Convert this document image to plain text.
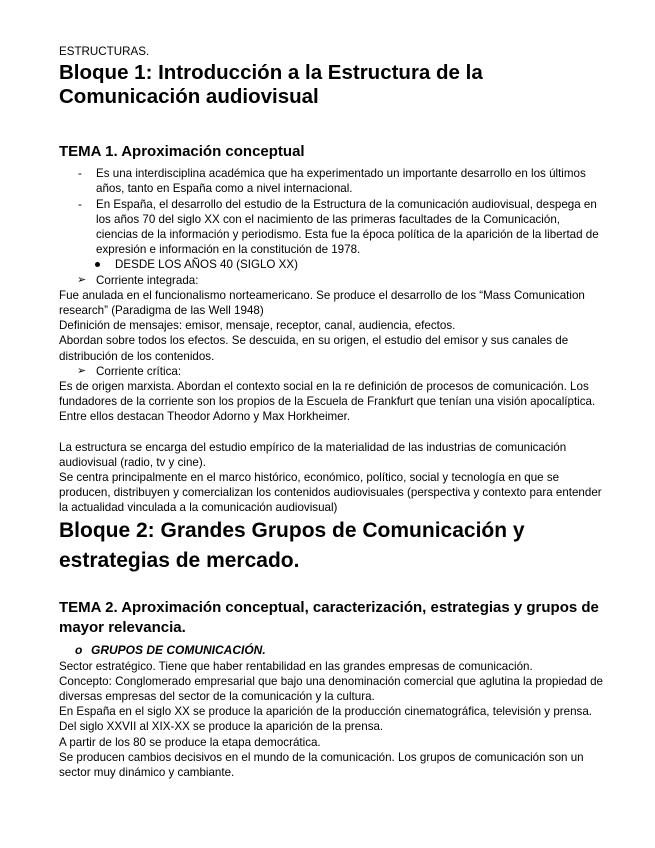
ESTRUCTURAS.

Bloque 1: Introducción a la Estructura de la
Comunicación audiovisual
TEMA 1. Aproximación conceptual
- Es una interdisciplina académica que ha experimentado un importante desarrollo en los últimos años, tanto en España como a nivel internacional.
- En España, el desarrollo del estudio de la Estructura de la comunicación audiovisual, despega en los años 70 del siglo XX con el nacimiento de las primeras facultades de la Comunicación, ciencias de la información y periodismo. Esta fue la época política de la aparición de la libertad de expresión e información en la constitución de 1978.
DESDE LOS AÑOS 40 (SIGLO XX)
➢ Corriente integrada:

Fue anulada en el funcionalismo norteamericano. Se produce el desarrollo de los “Mass Comunication research” (Paradigma de las Well 1948)

Definición de mensajes: emisor, mensaje, receptor, canal, audiencia, efectos.

Abordan sobre todos los efectos. Se descuida, en su origen, el estudio del emisor y sus canales de distribución de los contenidos.

➢ Corriente crítica:

Es de origen marxista. Abordan el contexto social en la re definición de procesos de comunicación. Los fundadores de la corriente son los propios de la Escuela de Frankfurt que tenían una visión apocalíptica. Entre ellos destacan Theodor Adorno y Max Horkheimer.

La estructura se encarga del estudio empírico de la materialidad de las industrias de comunicación audiovisual (radio, tv y cine).

Se centra principalmente en el marco histórico, económico, político, social y tecnología en que se producen, distribuyen y comercializan los contenidos audiovisuales (perspectiva y contexto para entender la actualidad vinculada a la comunicación audiovisual)

Bloque 2: Grandes Grupos de Comunicación y
estrategias de mercado.
TEMA 2. Aproximación conceptual, caracterización, estrategias y grupos de mayor relevancia.
o GRUPOS DE COMUNICACIÓN.

Sector estratégico. Tiene que haber rentabilidad en las grandes empresas de comunicación.

Concepto: Conglomerado empresarial que bajo una denominación comercial que aglutina la propiedad de diversas empresas del sector de la comunicación y la cultura.

En España en el siglo XX se produce la aparición de la producción cinematográfica, televisión y prensa. Del siglo XXVII al XIX-XX se produce la aparición de la prensa.

A partir de los 80 se produce la etapa democrática.

Se producen cambios decisivos en el mundo de la comunicación. Los grupos de comunicación son un sector muy dinámico y cambiante.
